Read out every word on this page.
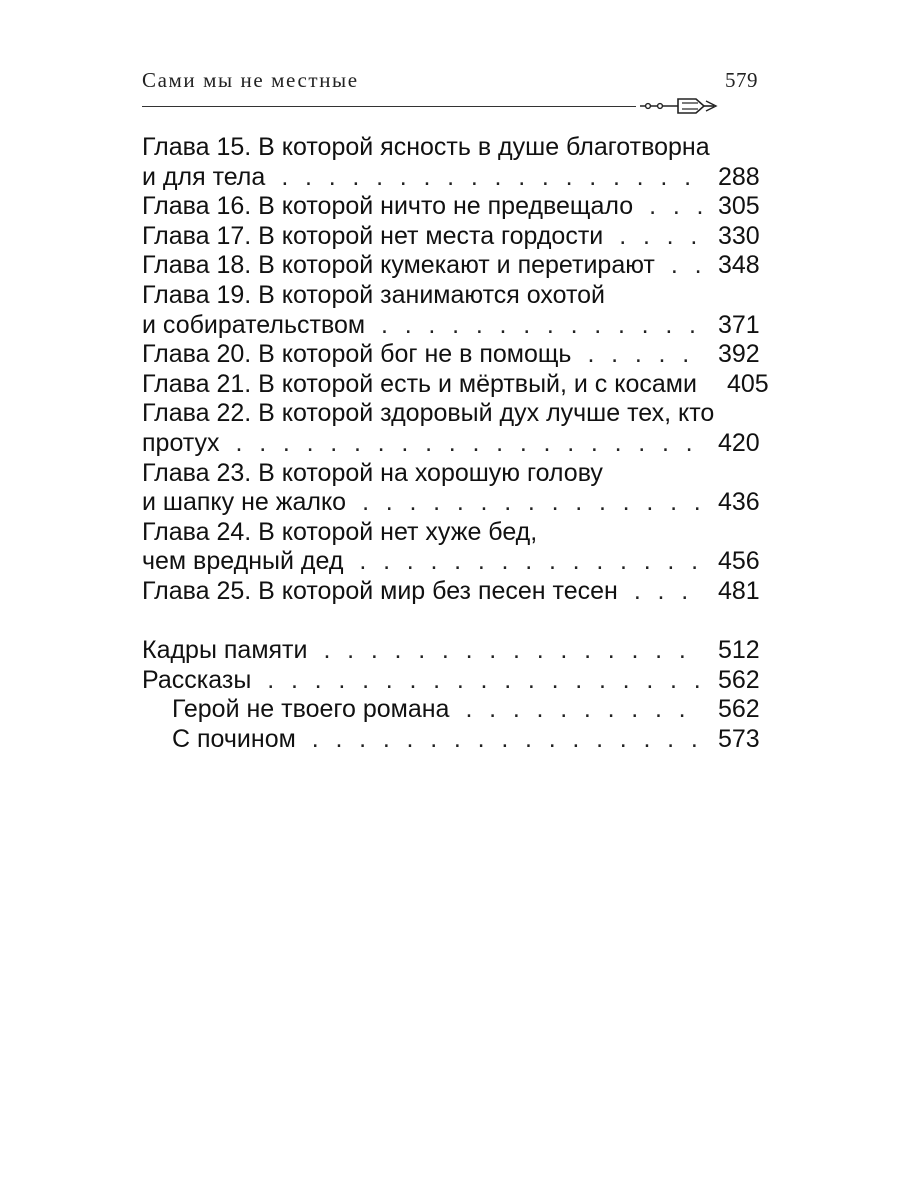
Сами мы не местные	579
Глава 15. В которой ясность в душе благотворна
и для тела . . .	288
Глава 16. В которой ничто не предвещало . . .	305
Глава 17. В которой нет места гордости . . .	330
Глава 18. В которой кумекают и перетирают . . .	348
Глава 19. В которой занимаются охотой
и собирательством . . .	371
Глава 20. В которой бог не в помощь . . .	392
Глава 21. В которой есть и мёртвый, и с косами 405
Глава 22. В которой здоровый дух лучше тех, кто
протух . . .	420
Глава 23. В которой на хорошую голову
и шапку не жалко . . .	436
Глава 24. В которой нет хуже бед,
чем вредный дед . . .	456
Глава 25. В которой мир без песен тесен . . .	481
Кадры памяти . . .	512
Рассказы . . .	562
Герой не твоего романа . . .	562
С почином . . .	573
